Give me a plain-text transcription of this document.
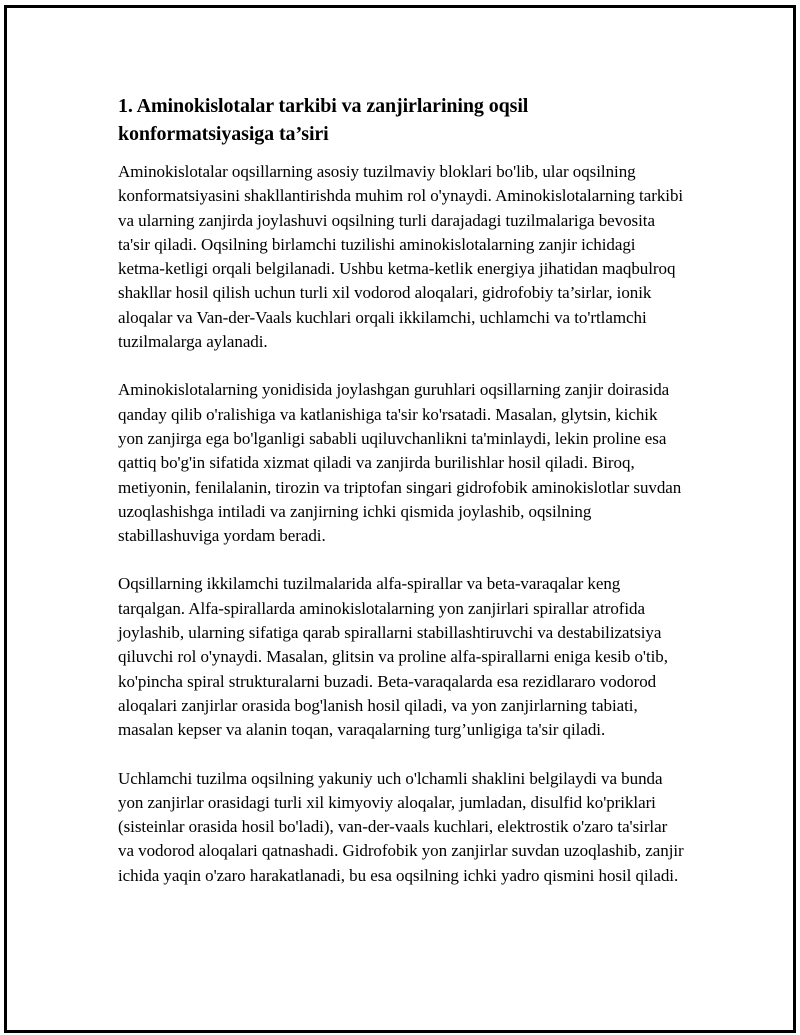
1. Aminokislotalar tarkibi va zanjirlarining oqsil
konformatsiyasiga ta’siri

Aminokislotalar oqsillarning asosiy tuzilmaviy bloklari bo'lib, ular oqsilning konformatsiyasini shakllantirishda muhim rol o'ynaydi. Aminokislotalarning tarkibi va ularning zanjirda joylashuvi oqsilning turli darajadagi tuzilmalariga bevosita ta'sir qiladi. Oqsilning birlamchi tuzilishi aminokislotalarning zanjir ichidagi ketma-ketligi orqali belgilanadi. Ushbu ketma-ketlik energiya jihatidan maqbulroq shakllar hosil qilish uchun turli xil vodorod aloqalari, gidrofobiy ta’sirlar, ionik aloqalar va Van-der-Vaals kuchlari orqali ikkilamchi, uchlamchi va to'rtlamchi tuzilmalarga aylanadi.

Aminokislotalarning yonidisida joylashgan guruhlari oqsillarning zanjir doirasida qanday qilib o'ralishiga va katlanishiga ta'sir ko'rsatadi. Masalan, glytsin, kichik yon zanjirga ega bo'lganligi sababli uqiluvchanlikni ta'minlaydi, lekin proline esa qattiq bo'g'in sifatida xizmat qiladi va zanjirda burilishlar hosil qiladi. Biroq, metiyonin, fenilalanin, tirozin va triptofan singari gidrofobik aminokislotlar suvdan uzoqlashishga intiladi va zanjirning ichki qismida joylashib, oqsilning stabillashuviga yordam beradi.

Oqsillarning ikkilamchi tuzilmalarida alfa-spirallar va beta-varaqalar keng tarqalgan. Alfa-spirallarda aminokislotalarning yon zanjirlari spirallar atrofida joylashib, ularning sifatiga qarab spirallarni stabillashtiruvchi va destabilizatsiya qiluvchi rol o'ynaydi. Masalan, glitsin va proline alfa-spirallarni eniga kesib o'tib, ko'pincha spiral strukturalarni buzadi. Beta-varaqalarda esa rezidlararo vodorod aloqalari zanjirlar orasida bog'lanish hosil qiladi, va yon zanjirlarning tabiati, masalan kepser va alanin toqan, varaqalarning turg’unligiga ta'sir qiladi.

Uchlamchi tuzilma oqsilning yakuniy uch o'lchamli shaklini belgilaydi va bunda yon zanjirlar orasidagi turli xil kimyoviy aloqalar, jumladan, disulfid ko'priklari (sisteinlar orasida hosil bo'ladi), van-der-vaals kuchlari, elektrostik o'zaro ta'sirlar va vodorod aloqalari qatnashadi. Gidrofobik yon zanjirlar suvdan uzoqlashib, zanjir ichida yaqin o'zaro harakatlanadi, bu esa oqsilning ichki yadro qismini hosil qiladi.
